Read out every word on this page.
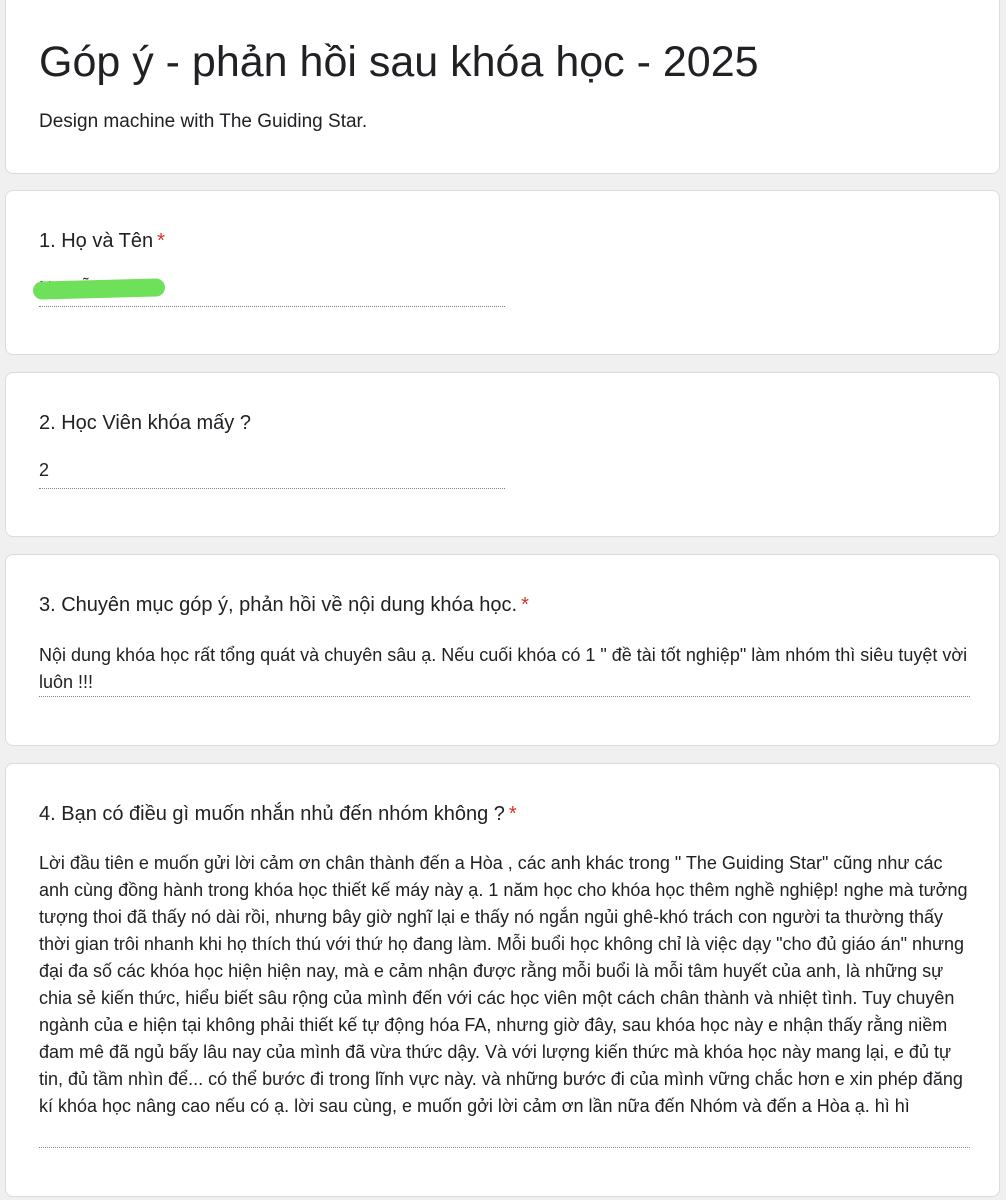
Góp ý - phản hồi sau khóa học - 2025
Design machine with The Guiding Star.
1. Họ và Tên *
2. Học Viên khóa mấy ?
2
3. Chuyên mục góp ý, phản hồi về nội dung khóa học. *
Nội dung khóa học rất tổng quát và chuyên sâu ạ. Nếu cuối khóa có 1 " đề tài tốt nghiệp" làm nhóm thì siêu tuyệt vời luôn !!!
4. Bạn có điều gì muốn nhắn nhủ đến nhóm không ? *
Lời đầu tiên e muốn gửi lời cảm ơn chân thành đến a Hòa , các anh khác trong " The Guiding Star" cũng như các anh cùng đồng hành trong khóa học thiết kế máy này ạ. 1 năm học cho khóa học thêm nghề nghiệp! nghe mà tưởng tượng thoi đã thấy nó dài rồi, nhưng bây giờ nghĩ lại e thấy nó ngắn ngủi ghê-khó trách con người ta thường thấy thời gian trôi nhanh khi họ thích thú với thứ họ đang làm. Mỗi buổi học không chỉ là việc dạy "cho đủ giáo án" nhưng đại đa số các khóa học hiện hiện nay, mà e cảm nhận được rằng mỗi buổi là mỗi tâm huyết của anh, là những sự chia sẻ kiến thức, hiểu biết sâu rộng của mình đến với các học viên một cách chân thành và nhiệt tình. Tuy chuyên ngành của e hiện tại không phải thiết kế tự động hóa FA, nhưng giờ đây, sau khóa học này e nhận thấy rằng niềm đam mê đã ngủ bấy lâu nay của mình đã vừa thức dậy. Và với lượng kiến thức mà khóa học này mang lại, e đủ tự tin, đủ tầm nhìn để... có thể bước đi trong lĩnh vực này. và những bước đi của mình vững chắc hơn e xin phép đăng kí khóa học nâng cao nếu có ạ. lời sau cùng, e muốn gởi lời cảm ơn lần nữa đến Nhóm và đến a Hòa ạ. hì hì
